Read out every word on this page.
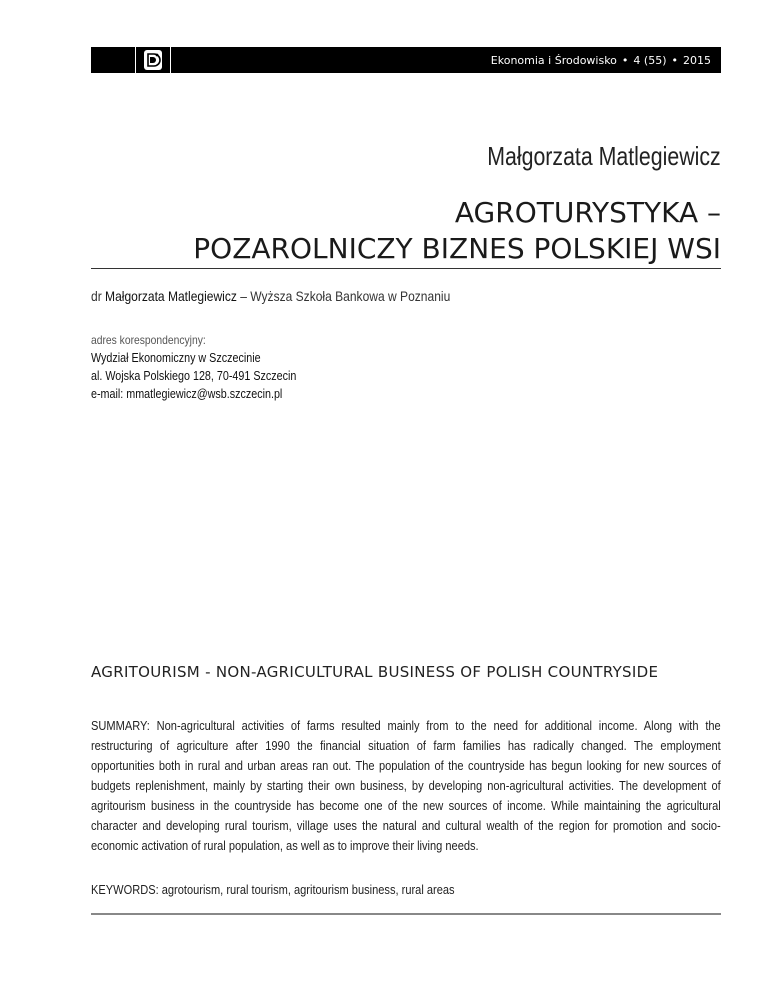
Ekonomia i Środowisko • 4 (55) • 2015
Małgorzata Matlegiewicz
AGROTURYSTYKA –
POZAROLNICZY BIZNES POLSKIEJ WSI
dr Małgorzata Matlegiewicz – Wyższa Szkoła Bankowa w Poznaniu
adres korespondencyjny:
Wydział Ekonomiczny w Szczecinie
al. Wojska Polskiego 128, 70-491 Szczecin
e-mail: mmatlegiewicz@wsb.szczecin.pl
AGRITOURISM - NON-AGRICULTURAL BUSINESS OF POLISH COUNTRYSIDE
SUMMARY: Non-agricultural activities of farms resulted mainly from to the need for additional income. Along with the restructuring of agriculture after 1990 the financial situation of farm families has radically changed. The employment opportunities both in rural and urban areas ran out. The population of the countryside has begun looking for new sources of budgets replenishment, mainly by starting their own business, by developing non-agricultural activities. The development of agritourism business in the countryside has become one of the new sources of income. While maintaining the agricultural character and developing rural tourism, village uses the natural and cultural wealth of the region for promotion and socio-economic activation of rural population, as well as to improve their living needs.
KEYWORDS: agrotourism, rural tourism, agritourism business, rural areas
